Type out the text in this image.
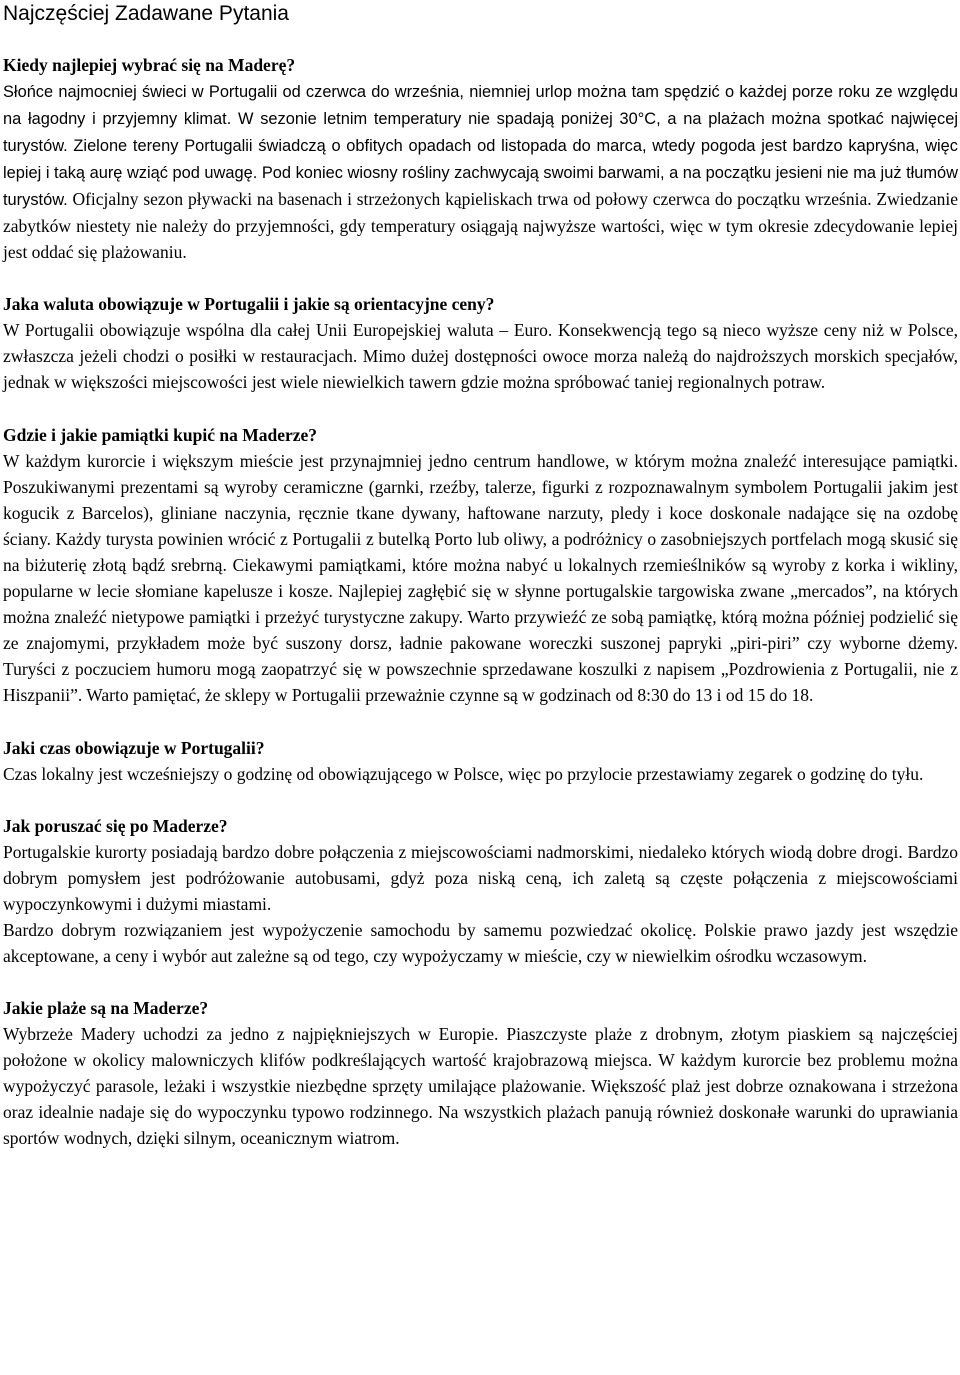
Najczęściej Zadawane Pytania

Kiedy najlepiej wybrać się na Maderę?

Słońce najmocniej świeci w Portugalii od czerwca do września, niemniej urlop można tam spędzić o każdej porze roku ze względu na łagodny i przyjemny klimat. W sezonie letnim temperatury nie spadają poniżej 30°C, a na plażach można spotkać najwięcej turystów. Zielone tereny Portugalii świadczą o obfitych opadach od listopada do marca, wtedy pogoda jest bardzo kapryśna, więc lepiej i taką aurę wziąć pod uwagę. Pod koniec wiosny rośliny zachwycają swoimi barwami, a na początku jesieni nie ma już tłumów turystów. Oficjalny sezon pływacki na basenach i strzeżonych kąpieliskach trwa od połowy czerwca do początku września. Zwiedzanie zabytków niestety nie należy do przyjemności, gdy temperatury osiągają najwyższe wartości, więc w tym okresie zdecydowanie lepiej jest oddać się plażowaniu.

Jaka waluta obowiązuje w Portugalii i jakie są orientacyjne ceny?

W Portugalii obowiązuje wspólna dla całej Unii Europejskiej waluta – Euro. Konsekwencją tego są nieco wyższe ceny niż w Polsce, zwłaszcza jeżeli chodzi o posiłki w restauracjach. Mimo dużej dostępności owoce morza należą do najdroższych morskich specjałów, jednak w większości miejscowości jest wiele niewielkich tawern gdzie można spróbować taniej regionalnych potraw.

Gdzie i jakie pamiątki kupić na Maderze?

W każdym kurorcie i większym mieście jest przynajmniej jedno centrum handlowe, w którym można znaleźć interesujące pamiątki. Poszukiwanymi prezentami są wyroby ceramiczne (garnki, rzeźby, talerze, figurki z rozpoznawalnym symbolem Portugalii jakim jest kogucik z Barcelos), gliniane naczynia, ręcznie tkane dywany, haftowane narzuty, pledy i koce doskonale nadające się na ozdobę ściany. Każdy turysta powinien wrócić z Portugalii z butelką Porto lub oliwy, a podróżnicy o zasobniejszych portfelach mogą skusić się na biżuterię złotą bądź srebrną. Ciekawymi pamiątkami, które można nabyć u lokalnych rzemieślników są wyroby z korka i wikliny, popularne w lecie słomiane kapelusze i kosze. Najlepiej zagłębić się w słynne portugalskie targowiska zwane „mercados”, na których można znaleźć nietypowe pamiątki i przeżyć turystyczne zakupy. Warto przywieźć ze sobą pamiątkę, którą można później podzielić się ze znajomymi, przykładem może być suszony dorsz, ładnie pakowane woreczki suszonej papryki „piri-piri” czy wyborne dżemy. Turyści z poczuciem humoru mogą zaopatrzyć się w powszechnie sprzedawane koszulki z napisem „Pozdrowienia z Portugalii, nie z Hiszpanii”. Warto pamiętać, że sklepy w Portugalii przeważnie czynne są w godzinach od 8:30 do 13 i od 15 do 18.

Jaki czas obowiązuje w Portugalii?

Czas lokalny jest wcześniejszy o godzinę od obowiązującego w Polsce, więc po przylocie przestawiamy zegarek o godzinę do tyłu.

Jak poruszać się po Maderze?

Portugalskie kurorty posiadają bardzo dobre połączenia z miejscowościami nadmorskimi, niedaleko których wiodą dobre drogi. Bardzo dobrym pomysłem jest podróżowanie autobusami, gdyż poza niską ceną, ich zaletą są częste połączenia z miejscowościami wypoczynkowymi i dużymi miastami.

Bardzo dobrym rozwiązaniem jest wypożyczenie samochodu by samemu pozwiedzać okolicę. Polskie prawo jazdy jest wszędzie akceptowane, a ceny i wybór aut zależne są od tego, czy wypożyczamy w mieście, czy w niewielkim ośrodku wczasowym.

Jakie plaże są na Maderze?

Wybrzeże Madery uchodzi za jedno z najpiękniejszych w Europie. Piaszczyste plaże z drobnym, złotym piaskiem są najczęściej położone w okolicy malowniczych klifów podkreślających wartość krajobrazową miejsca. W każdym kurorcie bez problemu można wypożyczyć parasole, leżaki i wszystkie niezbędne sprzęty umilające plażowanie. Większość plaż jest dobrze oznakowana i strzeżona oraz idealnie nadaje się do wypoczynku typowo rodzinnego. Na wszystkich plażach panują również doskonałe warunki do uprawiania sportów wodnych, dzięki silnym, oceanicznym wiatrom.
